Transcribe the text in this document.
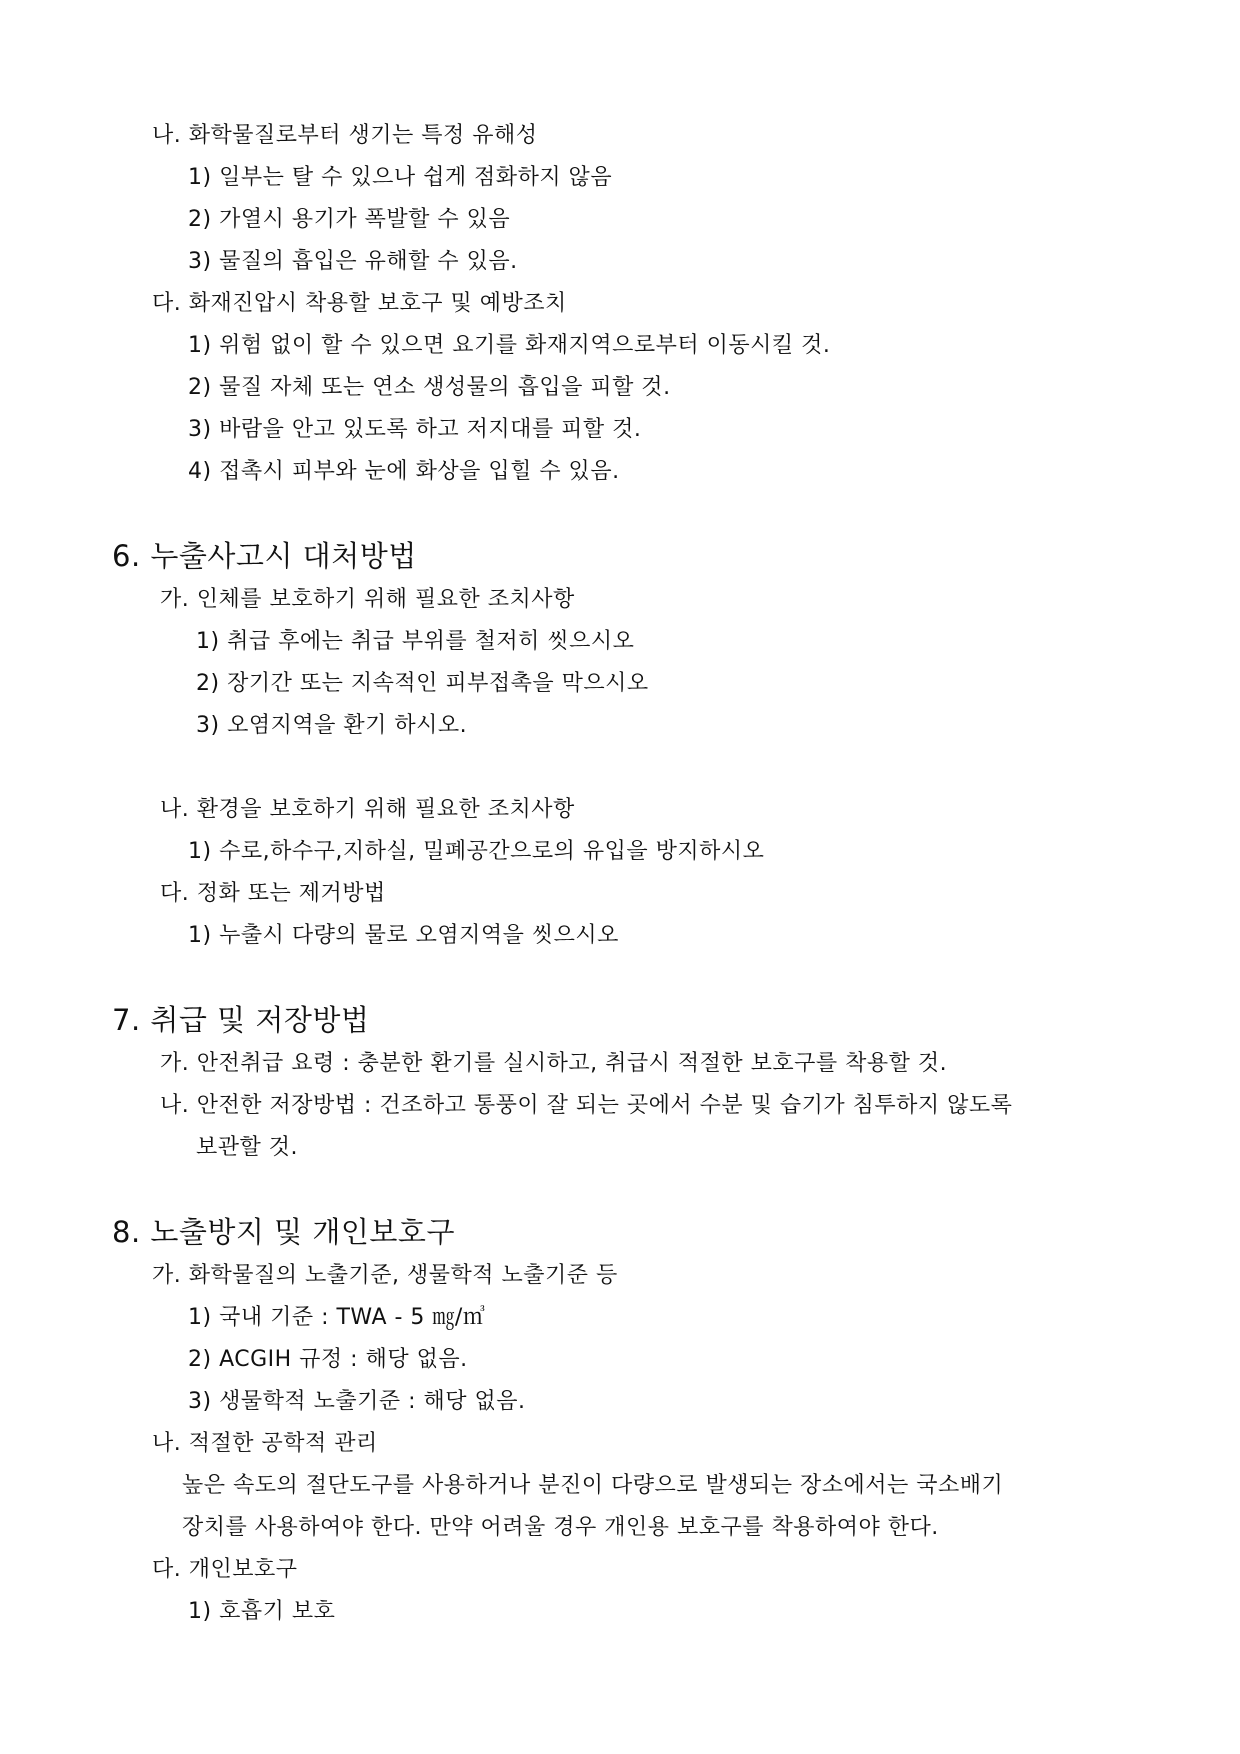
나. 화학물질로부터 생기는 특정 유해성
1) 일부는 탈 수 있으나 쉽게 점화하지 않음
2) 가열시 용기가 폭발할 수 있음
3) 물질의 흡입은 유해할 수 있음.
다. 화재진압시 착용할 보호구 및 예방조치
1) 위험 없이 할 수 있으면 요기를 화재지역으로부터 이동시킬 것.
2) 물질 자체 또는 연소 생성물의 흡입을 피할 것.
3) 바람을 안고 있도록 하고 저지대를 피할 것.
4) 접촉시 피부와 눈에 화상을 입힐 수 있음.
6. 누출사고시 대처방법
가. 인체를 보호하기 위해 필요한 조치사항
1) 취급 후에는 취급 부위를 철저히 씻으시오
2) 장기간 또는 지속적인 피부접촉을 막으시오
3) 오염지역을 환기 하시오.
나. 환경을 보호하기 위해 필요한 조치사항
1) 수로,하수구,지하실, 밀폐공간으로의 유입을 방지하시오
다. 정화 또는 제거방법
1) 누출시 다량의 물로 오염지역을 씻으시오
7. 취급 및 저장방법
가. 안전취급 요령 : 충분한 환기를 실시하고, 취급시 적절한 보호구를 착용할 것.
나. 안전한 저장방법 : 건조하고 통풍이 잘 되는 곳에서 수분 및 습기가 침투하지 않도록
보관할 것.
8. 노출방지 및 개인보호구
가. 화학물질의 노출기준, 생물학적 노출기준 등
1) 국내 기준 : TWA - 5 ㎎/㎥
2) ACGIH 규정 : 해당 없음.
3) 생물학적 노출기준 : 해당 없음.
나. 적절한 공학적 관리
높은 속도의 절단도구를 사용하거나 분진이 다량으로 발생되는 장소에서는 국소배기
장치를 사용하여야 한다. 만약 어려울 경우 개인용 보호구를 착용하여야 한다.
다. 개인보호구
1) 호흡기 보호
